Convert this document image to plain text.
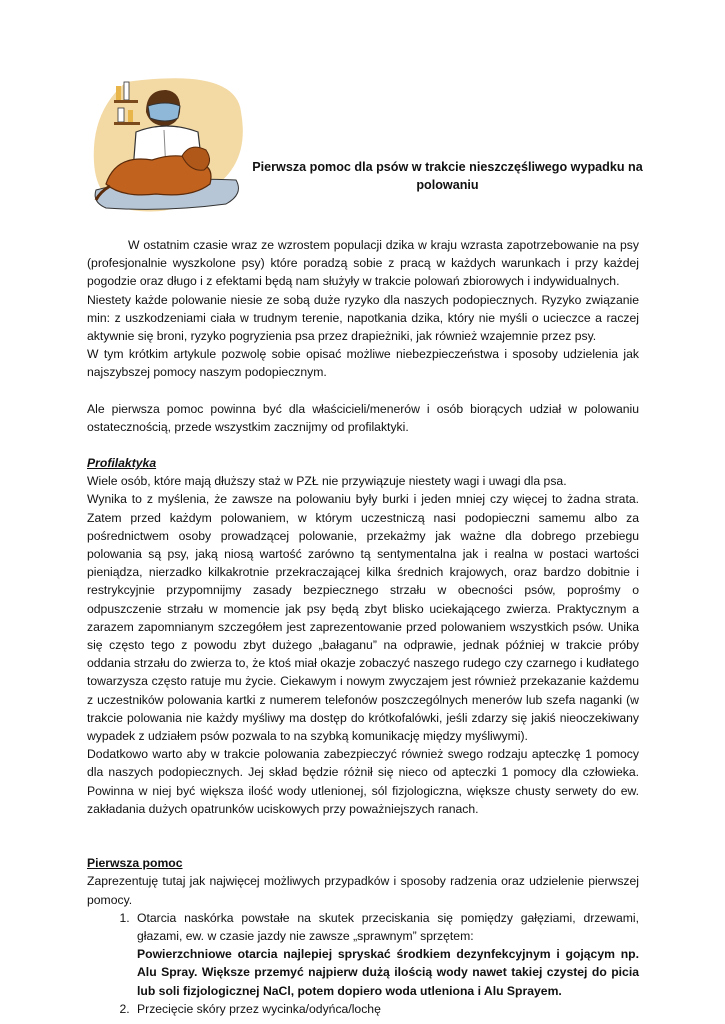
Pierwsza pomoc dla psów w trakcie nieszczęśliwego wypadku na polowaniu

W ostatnim czasie wraz ze wzrostem populacji dzika w kraju wzrasta zapotrzebowanie na psy (profesjonalnie wyszkolone psy) które poradzą sobie z pracą w każdych warunkach i przy każdej pogodzie oraz długo i z efektami będą nam służyły w trakcie polowań zbiorowych i indywidualnych.

Niestety każde polowanie niesie ze sobą duże ryzyko dla naszych podopiecznych. Ryzyko związanie min: z uszkodzeniami ciała w trudnym terenie, napotkania dzika, który nie myśli o ucieczce a raczej aktywnie się broni, ryzyko pogryzienia psa przez drapieżniki, jak również wzajemnie przez psy.

W tym krótkim artykule pozwolę sobie opisać możliwe niebezpieczeństwa i sposoby udzielenia jak najszybszej pomocy naszym podopiecznym.

Ale pierwsza pomoc powinna być dla właścicieli/menerów i osób biorących udział w polowaniu ostatecznością, przede wszystkim zacznijmy od profilaktyki.

Profilaktyka

Wiele osób, które mają dłuższy staż w PZŁ nie przywiązuje niestety wagi i uwagi dla psa.

Wynika to z myślenia, że zawsze na polowaniu były burki i jeden mniej czy więcej to żadna strata. Zatem przed każdym polowaniem, w którym uczestniczą nasi podopieczni samemu albo za pośrednictwem osoby prowadzącej polowanie, przekażmy jak ważne dla dobrego przebiegu polowania są psy, jaką niosą wartość zarówno tą sentymentalna jak i realna w postaci wartości pieniądza, nierzadko kilkakrotnie przekraczającej kilka średnich krajowych, oraz bardzo dobitnie i restrykcyjnie przypomnijmy zasady bezpiecznego strzału w obecności psów, poprośmy o odpuszczenie strzału w momencie jak psy będą zbyt blisko uciekającego zwierza. Praktycznym a zarazem zapomnianym szczegółem jest zaprezentowanie przed polowaniem wszystkich psów. Unika się często tego z powodu zbyt dużego „bałaganu” na odprawie, jednak później w trakcie próby oddania strzału do zwierza to, że ktoś miał okazje zobaczyć naszego rudego czy czarnego i kudłatego towarzysza często ratuje mu życie. Ciekawym i nowym zwyczajem jest również przekazanie każdemu z uczestników polowania kartki z numerem telefonów poszczególnych menerów lub szefa naganki (w trakcie polowania nie każdy myśliwy ma dostęp do krótkofalówki, jeśli zdarzy się jakiś nieoczekiwany wypadek z udziałem psów pozwala to na szybką komunikację między myśliwymi).

Dodatkowo warto aby w trakcie polowania zabezpieczyć również swego rodzaju apteczkę 1 pomocy dla naszych podopiecznych. Jej skład będzie różnił się nieco od apteczki 1 pomocy dla człowieka. Powinna w niej być większa ilość wody utlenionej, sól fizjologiczna, większe chusty serwety do ew. zakładania dużych opatrunków uciskowych przy poważniejszych ranach.

Pierwsza pomoc

Zaprezentuję tutaj jak najwięcej możliwych przypadków i sposoby radzenia oraz udzielenie pierwszej pomocy.

1. Otarcia naskórka powstałe na skutek przeciskania się pomiędzy gałęziami, drzewami, głazami, ew. w czasie jazdy nie zawsze „sprawnym” sprzętem:
Powierzchniowe otarcia najlepiej spryskać środkiem dezynfekcyjnym i gojącym np. Alu Spray. Większe przemyć najpierw dużą ilością wody nawet takiej czystej do picia lub soli fizjologicznej NaCl, potem dopiero woda utleniona i Alu Sprayem.
2. Przecięcie skóry przez wycinka/odyńca/lochę
